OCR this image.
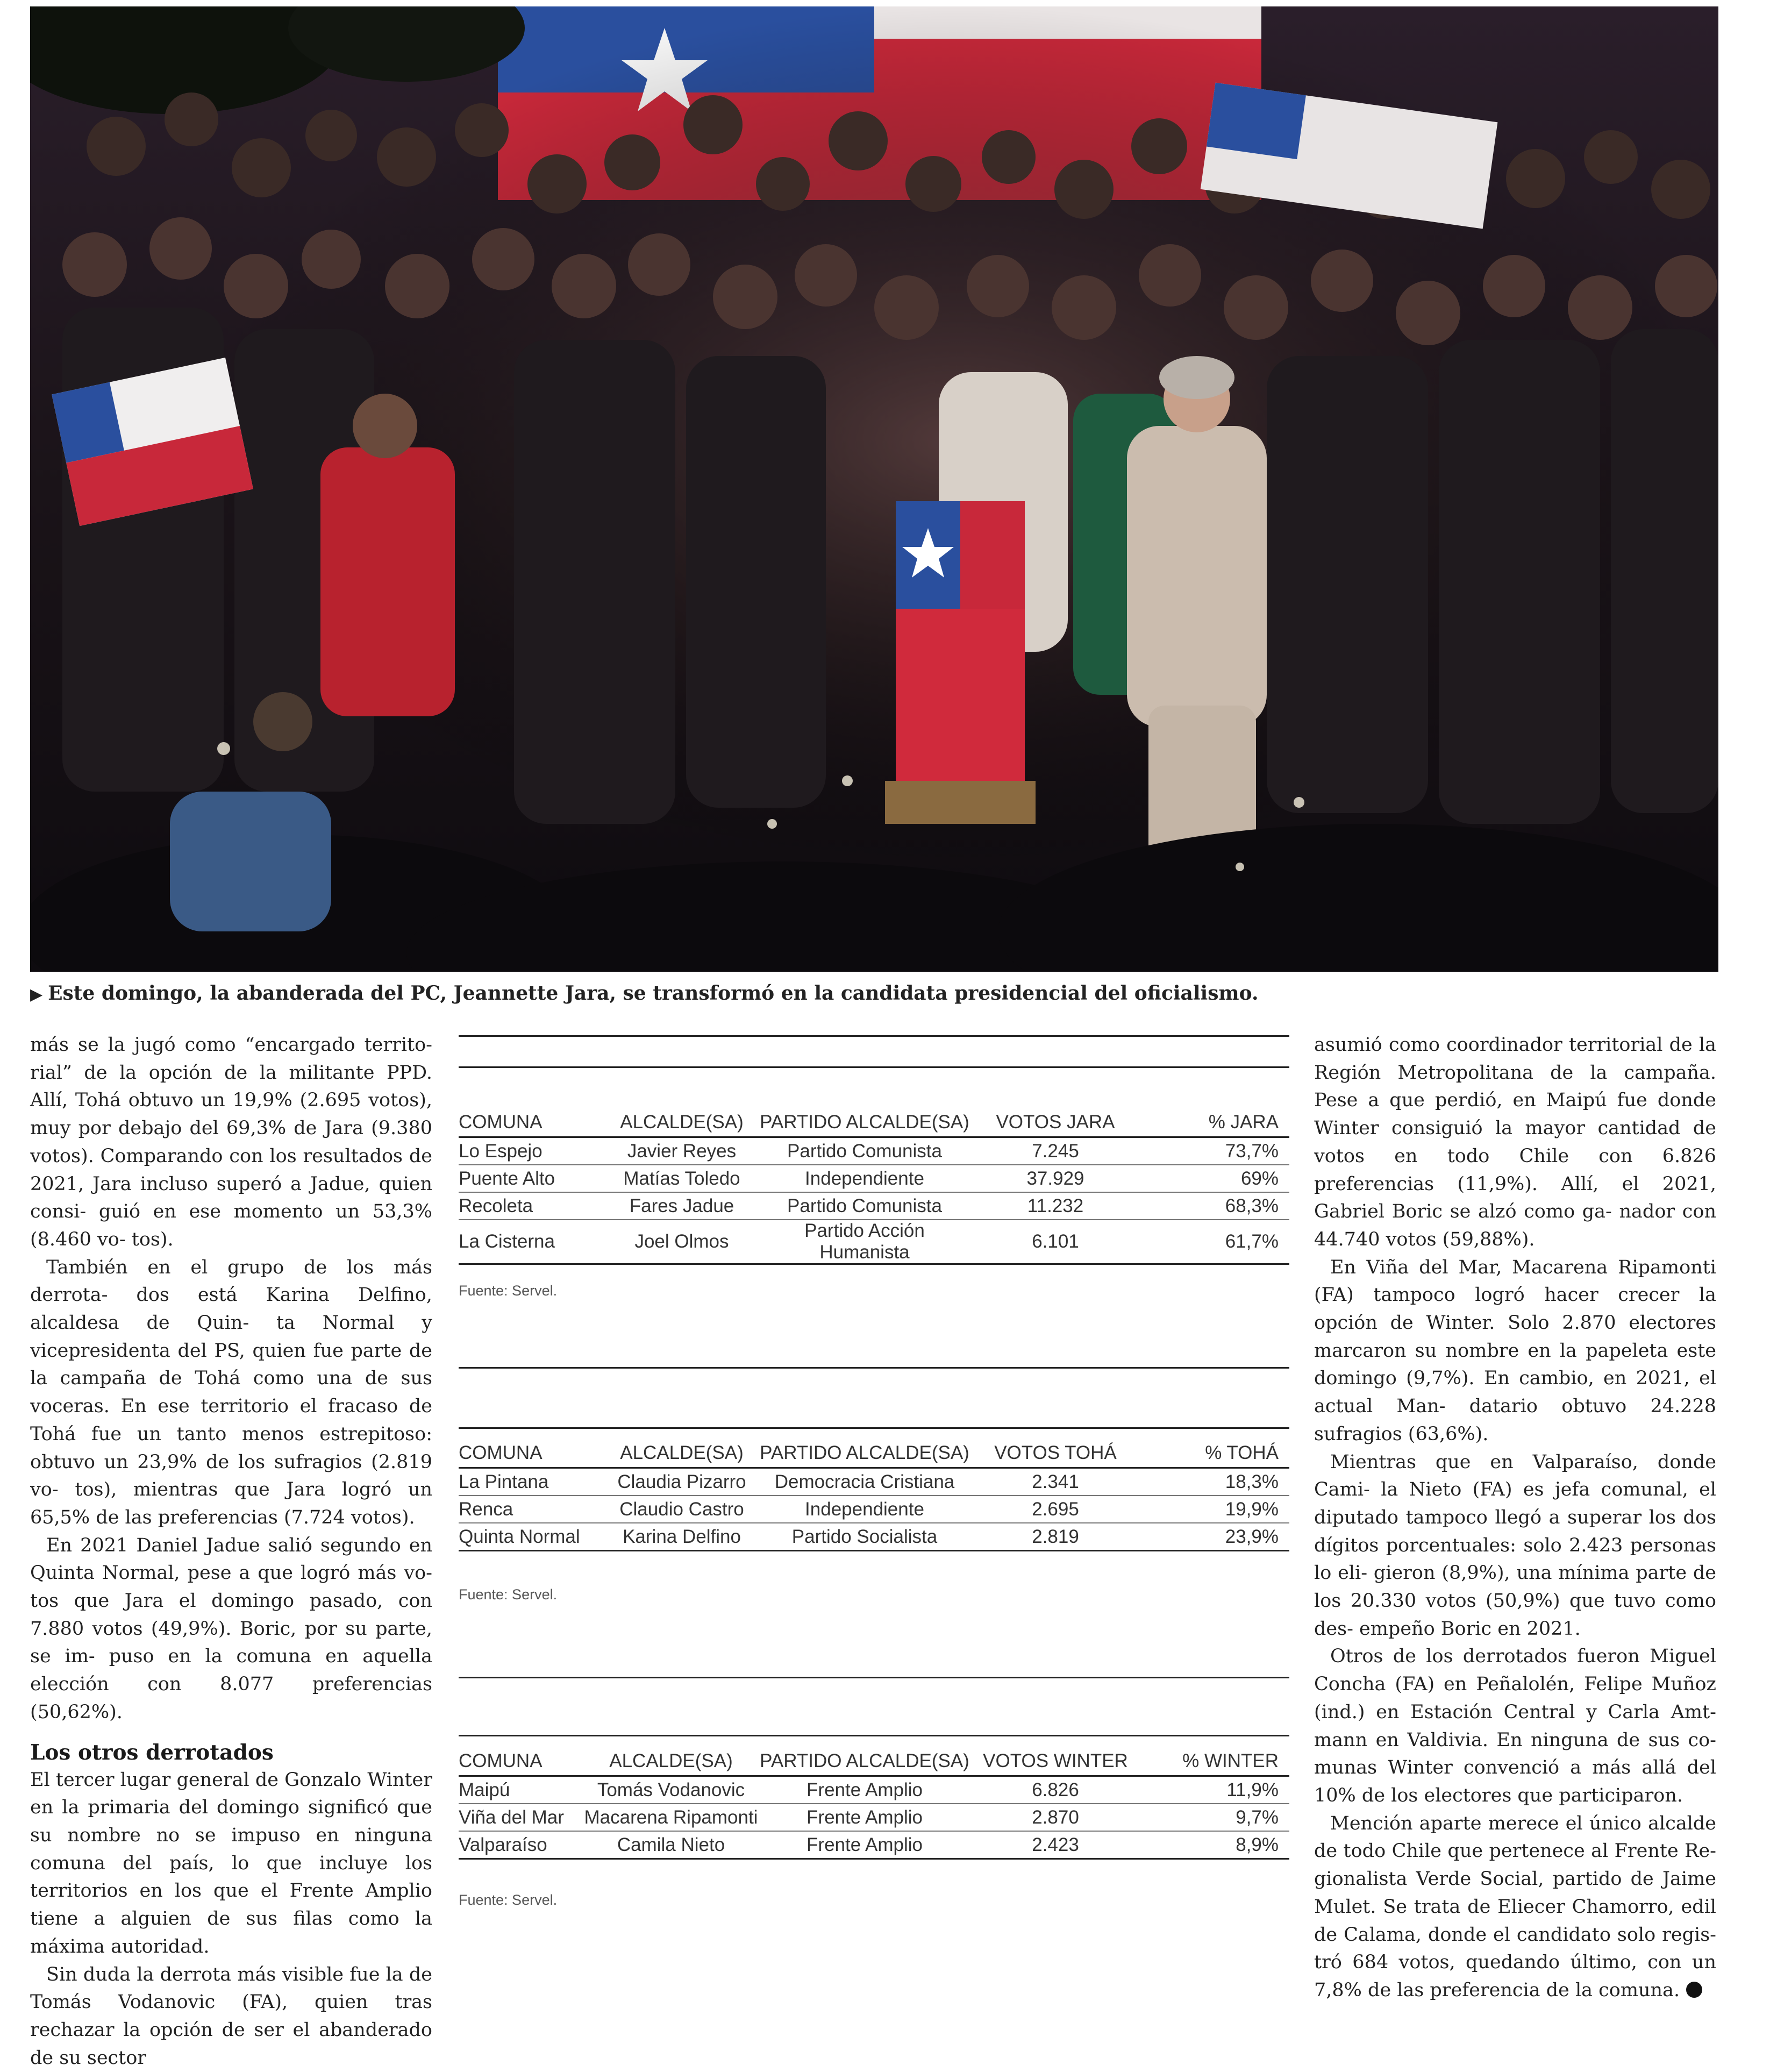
▶ Este domingo, la abanderada del PC, Jeannette Jara, se transformó en la candidata presidencial del oficialismo.

más se la jugó como “encargado territo- rial” de la opción de la militante PPD. Allí, Tohá obtuvo un 19,9% (2.695 votos), muy por debajo del 69,3% de Jara (9.380 votos). Comparando con los resultados de 2021, Jara incluso superó a Jadue, quien consi- guió en ese momento un 53,3% (8.460 vo- tos).

También en el grupo de los más derrota- dos está Karina Delfino, alcaldesa de Quin- ta Normal y vicepresidenta del PS, quien fue parte de la campaña de Tohá como una de sus voceras. En ese territorio el fracaso de Tohá fue un tanto menos estrepitoso: obtuvo un 23,9% de los sufragios (2.819 vo- tos), mientras que Jara logró un 65,5% de las preferencias (7.724 votos).

En 2021 Daniel Jadue salió segundo en Quinta Normal, pese a que logró más vo- tos que Jara el domingo pasado, con 7.880 votos (49,9%). Boric, por su parte, se im- puso en la comuna en aquella elección con 8.077 preferencias (50,62%).

Los otros derrotados

El tercer lugar general de Gonzalo Winter en la primaria del domingo significó que su nombre no se impuso en ninguna comuna del país, lo que incluye los territorios en los que el Frente Amplio tiene a alguien de sus filas como la máxima autoridad.

Sin duda la derrota más visible fue la de Tomás Vodanovic (FA), quien tras rechazar la opción de ser el abanderado de su sector

COMUNA	ALCALDE(SA)	PARTIDO ALCALDE(SA)	VOTOS JARA	% JARA
Lo Espejo	Javier Reyes	Partido Comunista	7.245	73,7%
Puente Alto	Matías Toledo	Independiente	37.929	69%
Recoleta	Fares Jadue	Partido Comunista	11.232	68,3%
La Cisterna	Joel Olmos	Partido Acción Humanista	6.101	61,7%
Fuente: Servel.
COMUNA	ALCALDE(SA)	PARTIDO ALCALDE(SA)	VOTOS TOHÁ	% TOHÁ
La Pintana	Claudia Pizarro	Democracia Cristiana	2.341	18,3%
Renca	Claudio Castro	Independiente	2.695	19,9%
Quinta Normal	Karina Delfino	Partido Socialista	2.819	23,9%
Fuente: Servel.
COMUNA	ALCALDE(SA)	PARTIDO ALCALDE(SA)	VOTOS WINTER	% WINTER
Maipú	Tomás Vodanovic	Frente Amplio	6.826	11,9%
Viña del Mar	Macarena Ripamonti	Frente Amplio	2.870	9,7%
Valparaíso	Camila Nieto	Frente Amplio	2.423	8,9%
Fuente: Servel.

asumió como coordinador territorial de la Región Metropolitana de la campaña. Pese a que perdió, en Maipú fue donde Winter consiguió la mayor cantidad de votos en todo Chile con 6.826 preferencias (11,9%). Allí, el 2021, Gabriel Boric se alzó como ga- nador con 44.740 votos (59,88%).

En Viña del Mar, Macarena Ripamonti (FA) tampoco logró hacer crecer la opción de Winter. Solo 2.870 electores marcaron su nombre en la papeleta este domingo (9,7%). En cambio, en 2021, el actual Man- datario obtuvo 24.228 sufragios (63,6%).

Mientras que en Valparaíso, donde Cami- la Nieto (FA) es jefa comunal, el diputado tampoco llegó a superar los dos dígitos porcentuales: solo 2.423 personas lo eli- gieron (8,9%), una mínima parte de los 20.330 votos (50,9%) que tuvo como des- empeño Boric en 2021.

Otros de los derrotados fueron Miguel Concha (FA) en Peñalolén, Felipe Muñoz (ind.) en Estación Central y Carla Amt- mann en Valdivia. En ninguna de sus co- munas Winter convenció a más allá del 10% de los electores que participaron.

Mención aparte merece el único alcalde de todo Chile que pertenece al Frente Re- gionalista Verde Social, partido de Jaime Mulet. Se trata de Eliecer Chamorro, edil de Calama, donde el candidato solo regis- tró 684 votos, quedando último, con un 7,8% de las preferencia de la comuna.
